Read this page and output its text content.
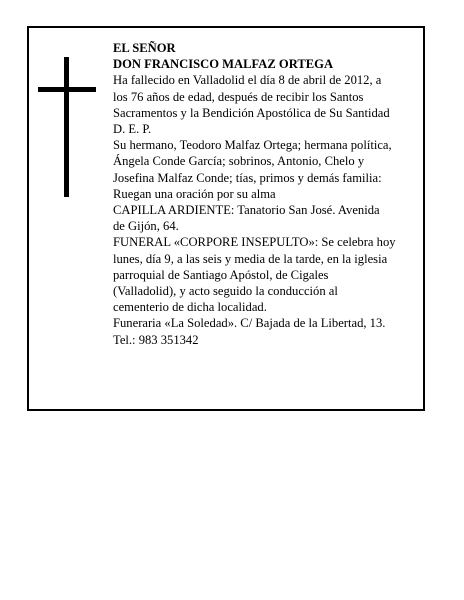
EL SEÑOR
DON FRANCISCO MALFAZ ORTEGA
Ha fallecido en Valladolid el día 8 de abril de 2012, a
los 76 años de edad, después de recibir los Santos
Sacramentos y la Bendición Apostólica de Su Santidad
D. E. P.
Su hermano, Teodoro Malfaz Ortega; hermana política,
Ángela Conde García; sobrinos, Antonio, Chelo y
Josefina Malfaz Conde; tías, primos y demás familia:
Ruegan una oración por su alma
CAPILLA ARDIENTE: Tanatorio San José. Avenida
de Gijón, 64.
FUNERAL «CORPORE INSEPULTO»: Se celebra hoy
lunes, día 9, a las seis y media de la tarde, en la iglesia
parroquial de Santiago Apóstol, de Cigales
(Valladolid), y acto seguido la conducción al
cementerio de dicha localidad.
Funeraria «La Soledad». C/ Bajada de la Libertad, 13.
Tel.: 983 351342
